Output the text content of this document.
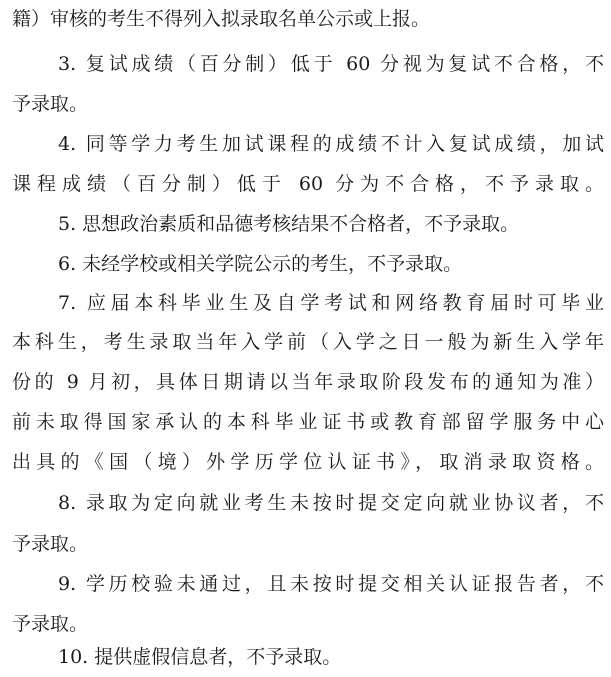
籍）审核的考生不得列入拟录取名单公示或上报。
3. 复试成绩（百分制）低于 60 分视为复试不合格，不
予录取。
4. 同等学力考生加试课程的成绩不计入复试成绩，加试
课程成绩（百分制）低于 60 分为不合格，不予录取。
5. 思想政治素质和品德考核结果不合格者，不予录取。
6. 未经学校或相关学院公示的考生，不予录取。
7. 应届本科毕业生及自学考试和网络教育届时可毕业
本科生，考生录取当年入学前（入学之日一般为新生入学年
份的 9 月初，具体日期请以当年录取阶段发布的通知为准）
前未取得国家承认的本科毕业证书或教育部留学服务中心
出具的《国（境）外学历学位认证书》，取消录取资格。
8. 录取为定向就业考生未按时提交定向就业协议者，不
予录取。
9. 学历校验未通过，且未按时提交相关认证报告者，不
予录取。
10. 提供虚假信息者，不予录取。
